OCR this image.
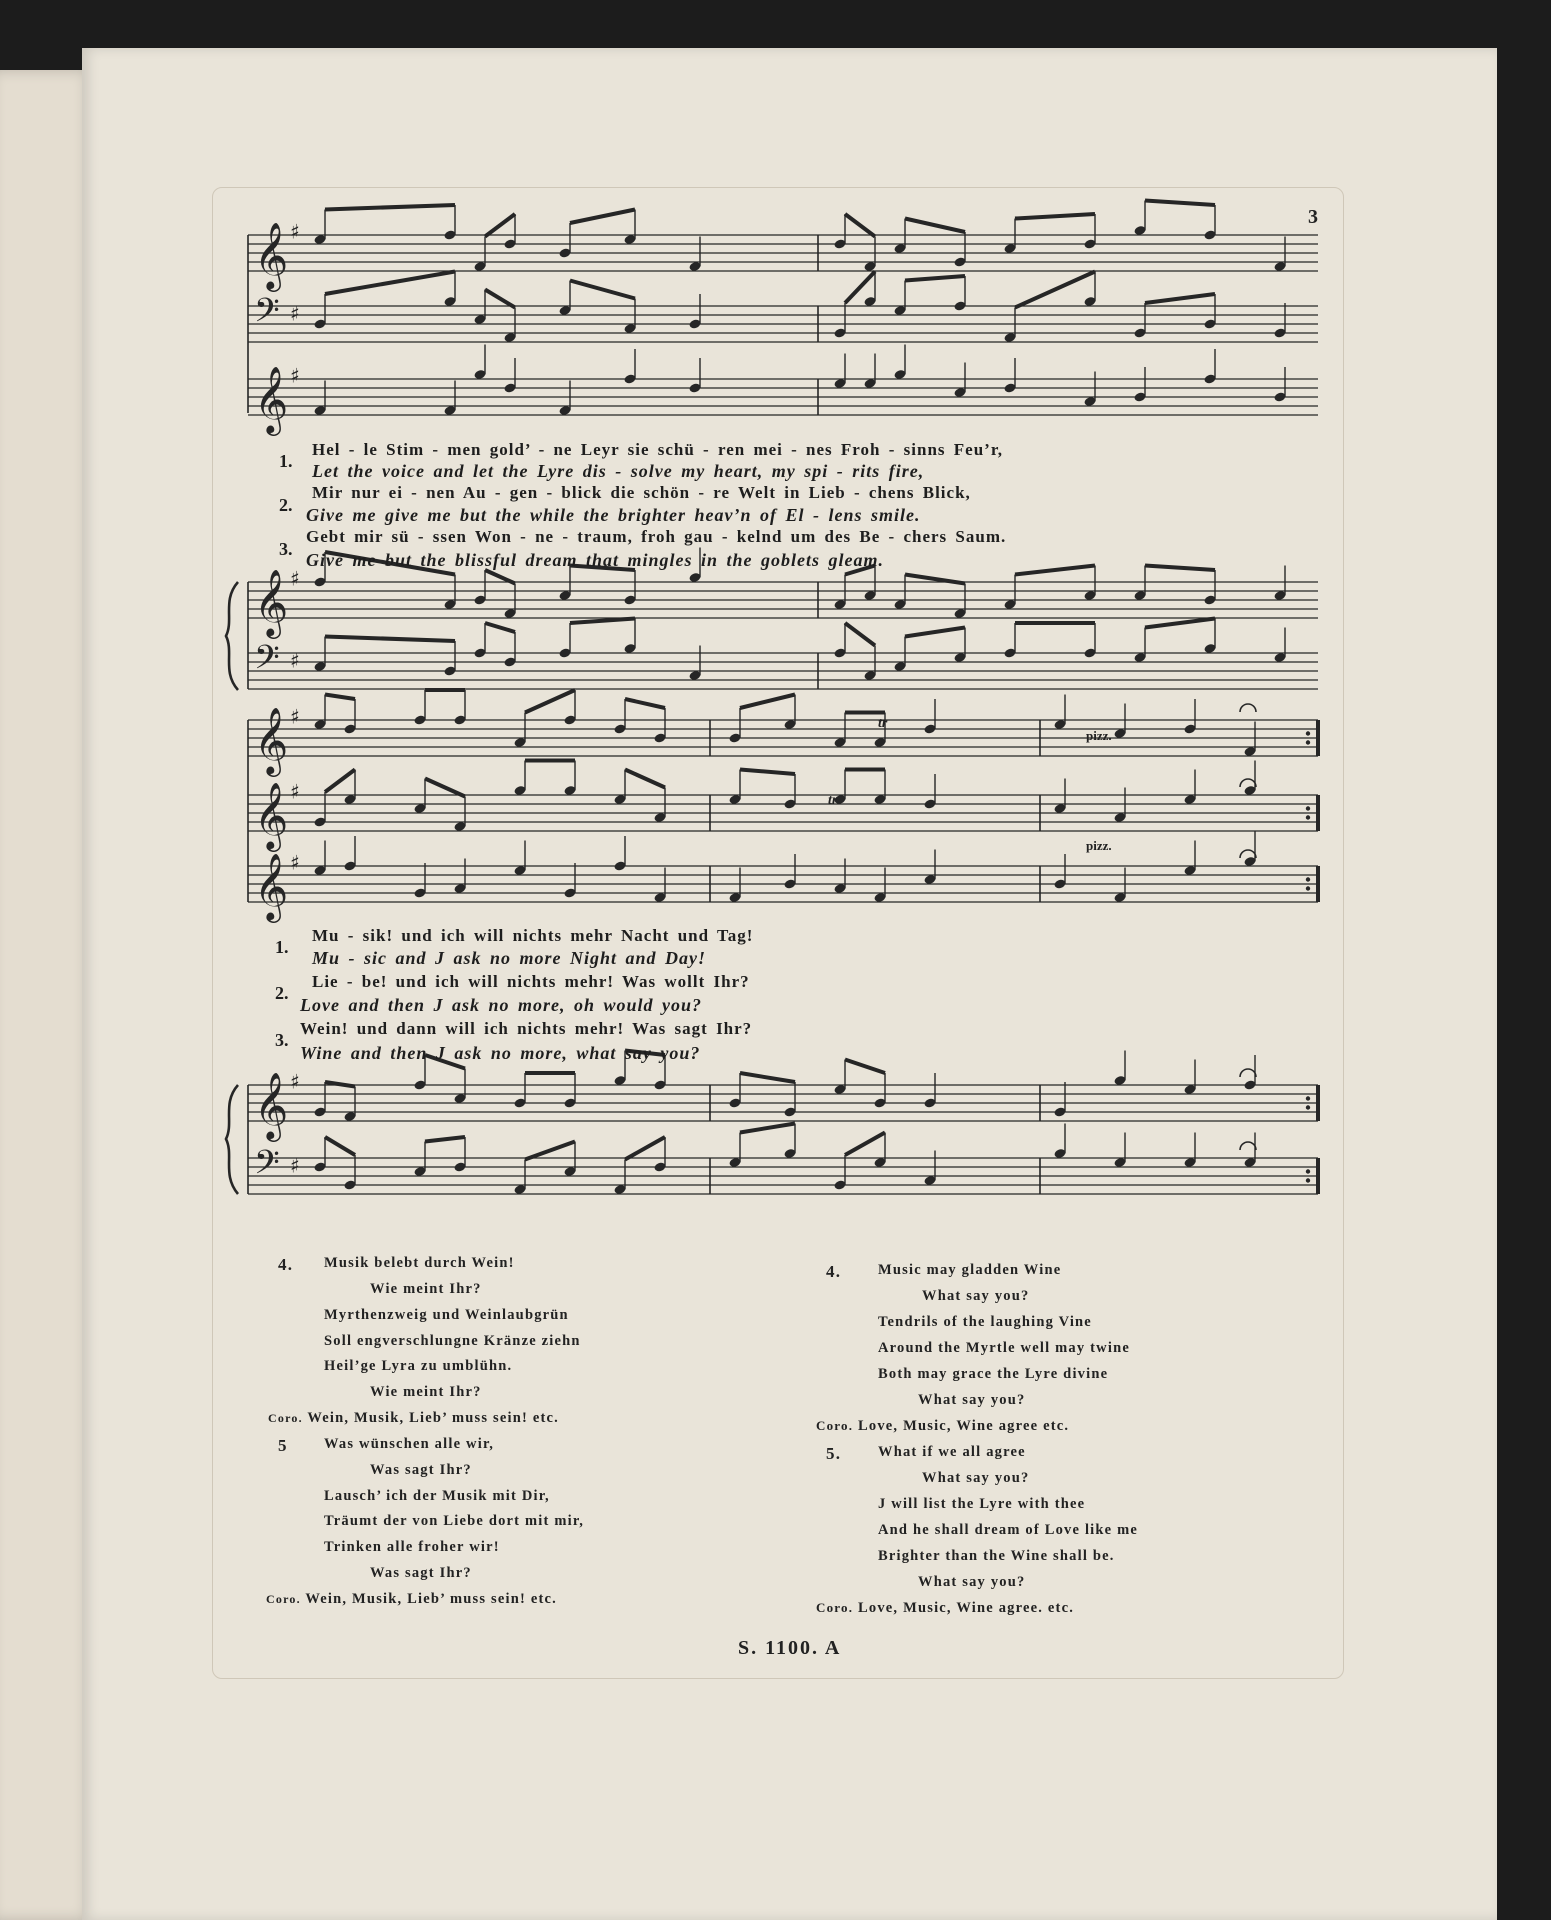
3
𝄞 ♯
𝄢 ♯
𝄞 ♯
𝄞 ♯
𝄢 ♯
𝄞 ♯
𝄞 ♯
𝄞 ♯
𝄞 ♯
𝄢 ♯
1.
Hel - le Stim - men gold’ - ne Leyr sie schü - ren mei - nes Froh - sinns Feu’r,
Let the voice and let the Lyre dis - solve my heart, my spi - rits fire,
Mir nur ei - nen Au - gen - blick die schön - re Welt in Lieb - chens Blick,
2. Give me give me but the while the brighter heav’n of El - lens smile.
Gebt mir sü - ssen Won - ne - traum, froh gau - kelnd um des Be - chers Saum.
3.
Give me but the blissful dream that mingles in the goblets gleam.
tr
tr
pizz.
pizz.
1.
Mu - sik! und ich will nichts mehr Nacht und Tag!
Mu - sic and J ask no more Night and Day!
Lie - be! und ich will nichts mehr! Was wollt Ihr?
2.
Love and then J ask no more, oh would you?
Wein! und dann will ich nichts mehr! Was sagt Ihr?
3.
Wine and then J ask no more, what say you?
4. Musik belebt durch Wein!
Wie meint Ihr?
Myrthenzweig und Weinlaubgrün
Soll engverschlungne Kränze ziehn
Heil’ge Lyra zu umblühn.
Wie meint Ihr?
Coro. Wein, Musik, Lieb’ muss sein! etc.
5	Was wünschen alle wir,
Was sagt Ihr?
Lausch’ ich der Musik mit Dir,
Träumt der von Liebe dort mit mir,
Trinken alle froher wir!
Was sagt Ihr?
Coro. Wein, Musik, Lieb’ muss sein! etc.
4.	Music may gladden Wine
What say you?
Tendrils of the laughing Vine
Around the Myrtle well may twine
Both may grace the Lyre divine
What say you?
Coro. Love, Music, Wine agree etc.
5.	What if we all agree
What say you?
J will list the Lyre with thee
And he shall dream of Love like me
Brighter than the Wine shall be.
What say you?
Coro. Love, Music, Wine agree. etc.
S. 1100. A
